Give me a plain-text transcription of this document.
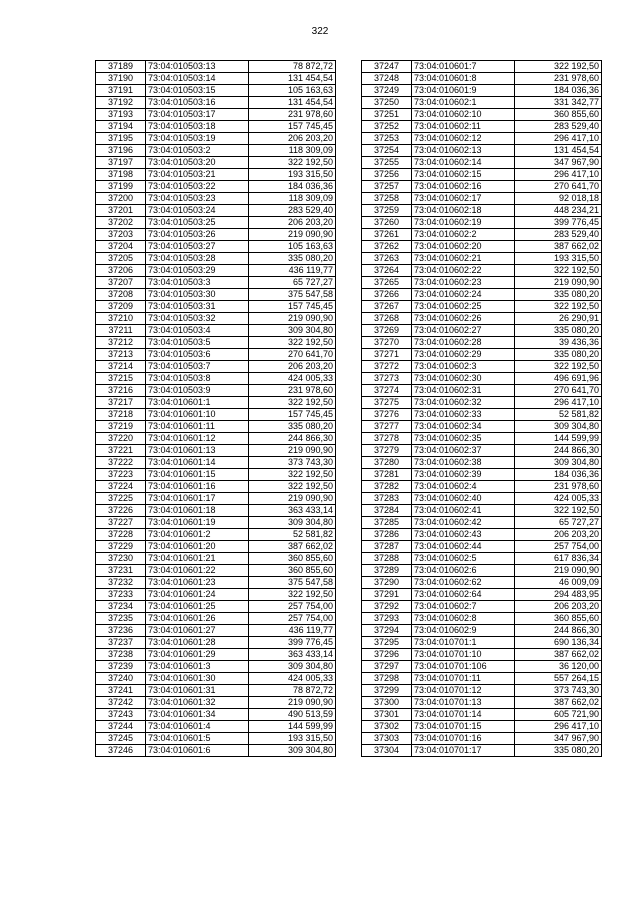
322
37189	73:04:010503:13	78 872,72
37190	73:04:010503:14	131 454,54
37191	73:04:010503:15	105 163,63
37192	73:04:010503:16	131 454,54
37193	73:04:010503:17	231 978,60
37194	73:04:010503:18	157 745,45
37195	73:04:010503:19	206 203,20
37196	73:04:010503:2	118 309,09
37197	73:04:010503:20	322 192,50
37198	73:04:010503:21	193 315,50
37199	73:04:010503:22	184 036,36
37200	73:04:010503:23	118 309,09
37201	73:04:010503:24	283 529,40
37202	73:04:010503:25	206 203,20
37203	73:04:010503:26	219 090,90
37204	73:04:010503:27	105 163,63
37205	73:04:010503:28	335 080,20
37206	73:04:010503:29	436 119,77
37207	73:04:010503:3	65 727,27
37208	73:04:010503:30	375 547,58
37209	73:04:010503:31	157 745,45
37210	73:04:010503:32	219 090,90
37211	73:04:010503:4	309 304,80
37212	73:04:010503:5	322 192,50
37213	73:04:010503:6	270 641,70
37214	73:04:010503:7	206 203,20
37215	73:04:010503:8	424 005,33
37216	73:04:010503:9	231 978,60
37217	73:04:010601:1	322 192,50
37218	73:04:010601:10	157 745,45
37219	73:04:010601:11	335 080,20
37220	73:04:010601:12	244 866,30
37221	73:04:010601:13	219 090,90
37222	73:04:010601:14	373 743,30
37223	73:04:010601:15	322 192,50
37224	73:04:010601:16	322 192,50
37225	73:04:010601:17	219 090,90
37226	73:04:010601:18	363 433,14
37227	73:04:010601:19	309 304,80
37228	73:04:010601:2	52 581,82
37229	73:04:010601:20	387 662,02
37230	73:04:010601:21	360 855,60
37231	73:04:010601:22	360 855,60
37232	73:04:010601:23	375 547,58
37233	73:04:010601:24	322 192,50
37234	73:04:010601:25	257 754,00
37235	73:04:010601:26	257 754,00
37236	73:04:010601:27	436 119,77
37237	73:04:010601:28	399 776,45
37238	73:04:010601:29	363 433,14
37239	73:04:010601:3	309 304,80
37240	73:04:010601:30	424 005,33
37241	73:04:010601:31	78 872,72
37242	73:04:010601:32	219 090,90
37243	73:04:010601:34	490 513,59
37244	73:04:010601:4	144 599,99
37245	73:04:010601:5	193 315,50
37246	73:04:010601:6	309 304,80
37247	73:04:010601:7	322 192,50
37248	73:04:010601:8	231 978,60
37249	73:04:010601:9	184 036,36
37250	73:04:010602:1	331 342,77
37251	73:04:010602:10	360 855,60
37252	73:04:010602:11	283 529,40
37253	73:04:010602:12	296 417,10
37254	73:04:010602:13	131 454,54
37255	73:04:010602:14	347 967,90
37256	73:04:010602:15	296 417,10
37257	73:04:010602:16	270 641,70
37258	73:04:010602:17	92 018,18
37259	73:04:010602:18	448 234,21
37260	73:04:010602:19	399 776,45
37261	73:04:010602:2	283 529,40
37262	73:04:010602:20	387 662,02
37263	73:04:010602:21	193 315,50
37264	73:04:010602:22	322 192,50
37265	73:04:010602:23	219 090,90
37266	73:04:010602:24	335 080,20
37267	73:04:010602:25	322 192,50
37268	73:04:010602:26	26 290,91
37269	73:04:010602:27	335 080,20
37270	73:04:010602:28	39 436,36
37271	73:04:010602:29	335 080,20
37272	73:04:010602:3	322 192,50
37273	73:04:010602:30	496 691,96
37274	73:04:010602:31	270 641,70
37275	73:04:010602:32	296 417,10
37276	73:04:010602:33	52 581,82
37277	73:04:010602:34	309 304,80
37278	73:04:010602:35	144 599,99
37279	73:04:010602:37	244 866,30
37280	73:04:010602:38	309 304,80
37281	73:04:010602:39	184 036,36
37282	73:04:010602:4	231 978,60
37283	73:04:010602:40	424 005,33
37284	73:04:010602:41	322 192,50
37285	73:04:010602:42	65 727,27
37286	73:04:010602:43	206 203,20
37287	73:04:010602:44	257 754,00
37288	73:04:010602:5	617 836,34
37289	73:04:010602:6	219 090,90
37290	73:04:010602:62	46 009,09
37291	73:04:010602:64	294 483,95
37292	73:04:010602:7	206 203,20
37293	73:04:010602:8	360 855,60
37294	73:04:010602:9	244 866,30
37295	73:04:010701:1	690 136,34
37296	73:04:010701:10	387 662,02
37297	73:04:010701:106	36 120,00
37298	73:04:010701:11	557 264,15
37299	73:04:010701:12	373 743,30
37300	73:04:010701:13	387 662,02
37301	73:04:010701:14	605 721,90
37302	73:04:010701:15	296 417,10
37303	73:04:010701:16	347 967,90
37304	73:04:010701:17	335 080,20
